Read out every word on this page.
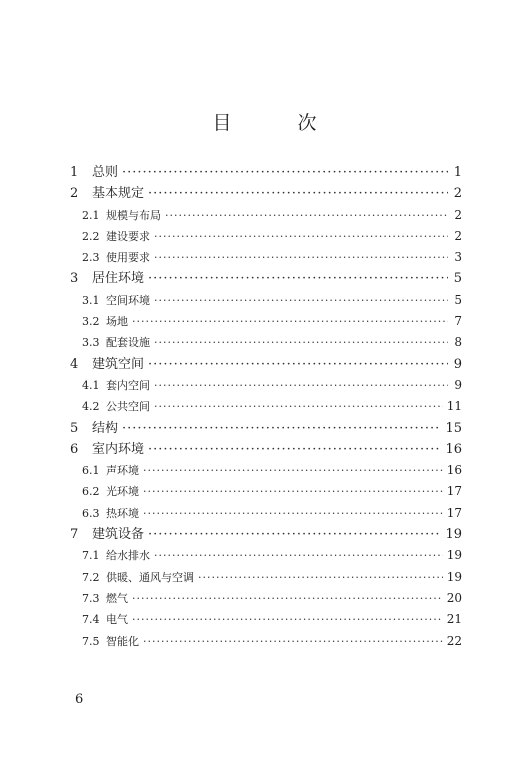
目 次
1	总则 ·····	1
2	基本规定 ·····	2
2.1 规模与布局 ·····	2
2.2 建设要求 ·····	2
2.3 使用要求 ·····	3
3	居住环境 ·····	5
3.1 空间环境 ·····	5
3.2 场地 ·····	7
3.3 配套设施 ·····	8
4	建筑空间 ·····	9
4.1 套内空间 ·····	9
4.2 公共空间 ·····	11
5	结构 ·····	15
6	室内环境 ·····	16
6.1 声环境 ·····	16
6.2 光环境 ·····	17
6.3 热环境 ·····	17
7	建筑设备 ·····	19
7.1 给水排水 ·····	19
7.2 供暖、通风与空调 ·····	19
7.3 燃气 ·····	20
7.4 电气 ·····	21
7.5 智能化 ·····	22
6
